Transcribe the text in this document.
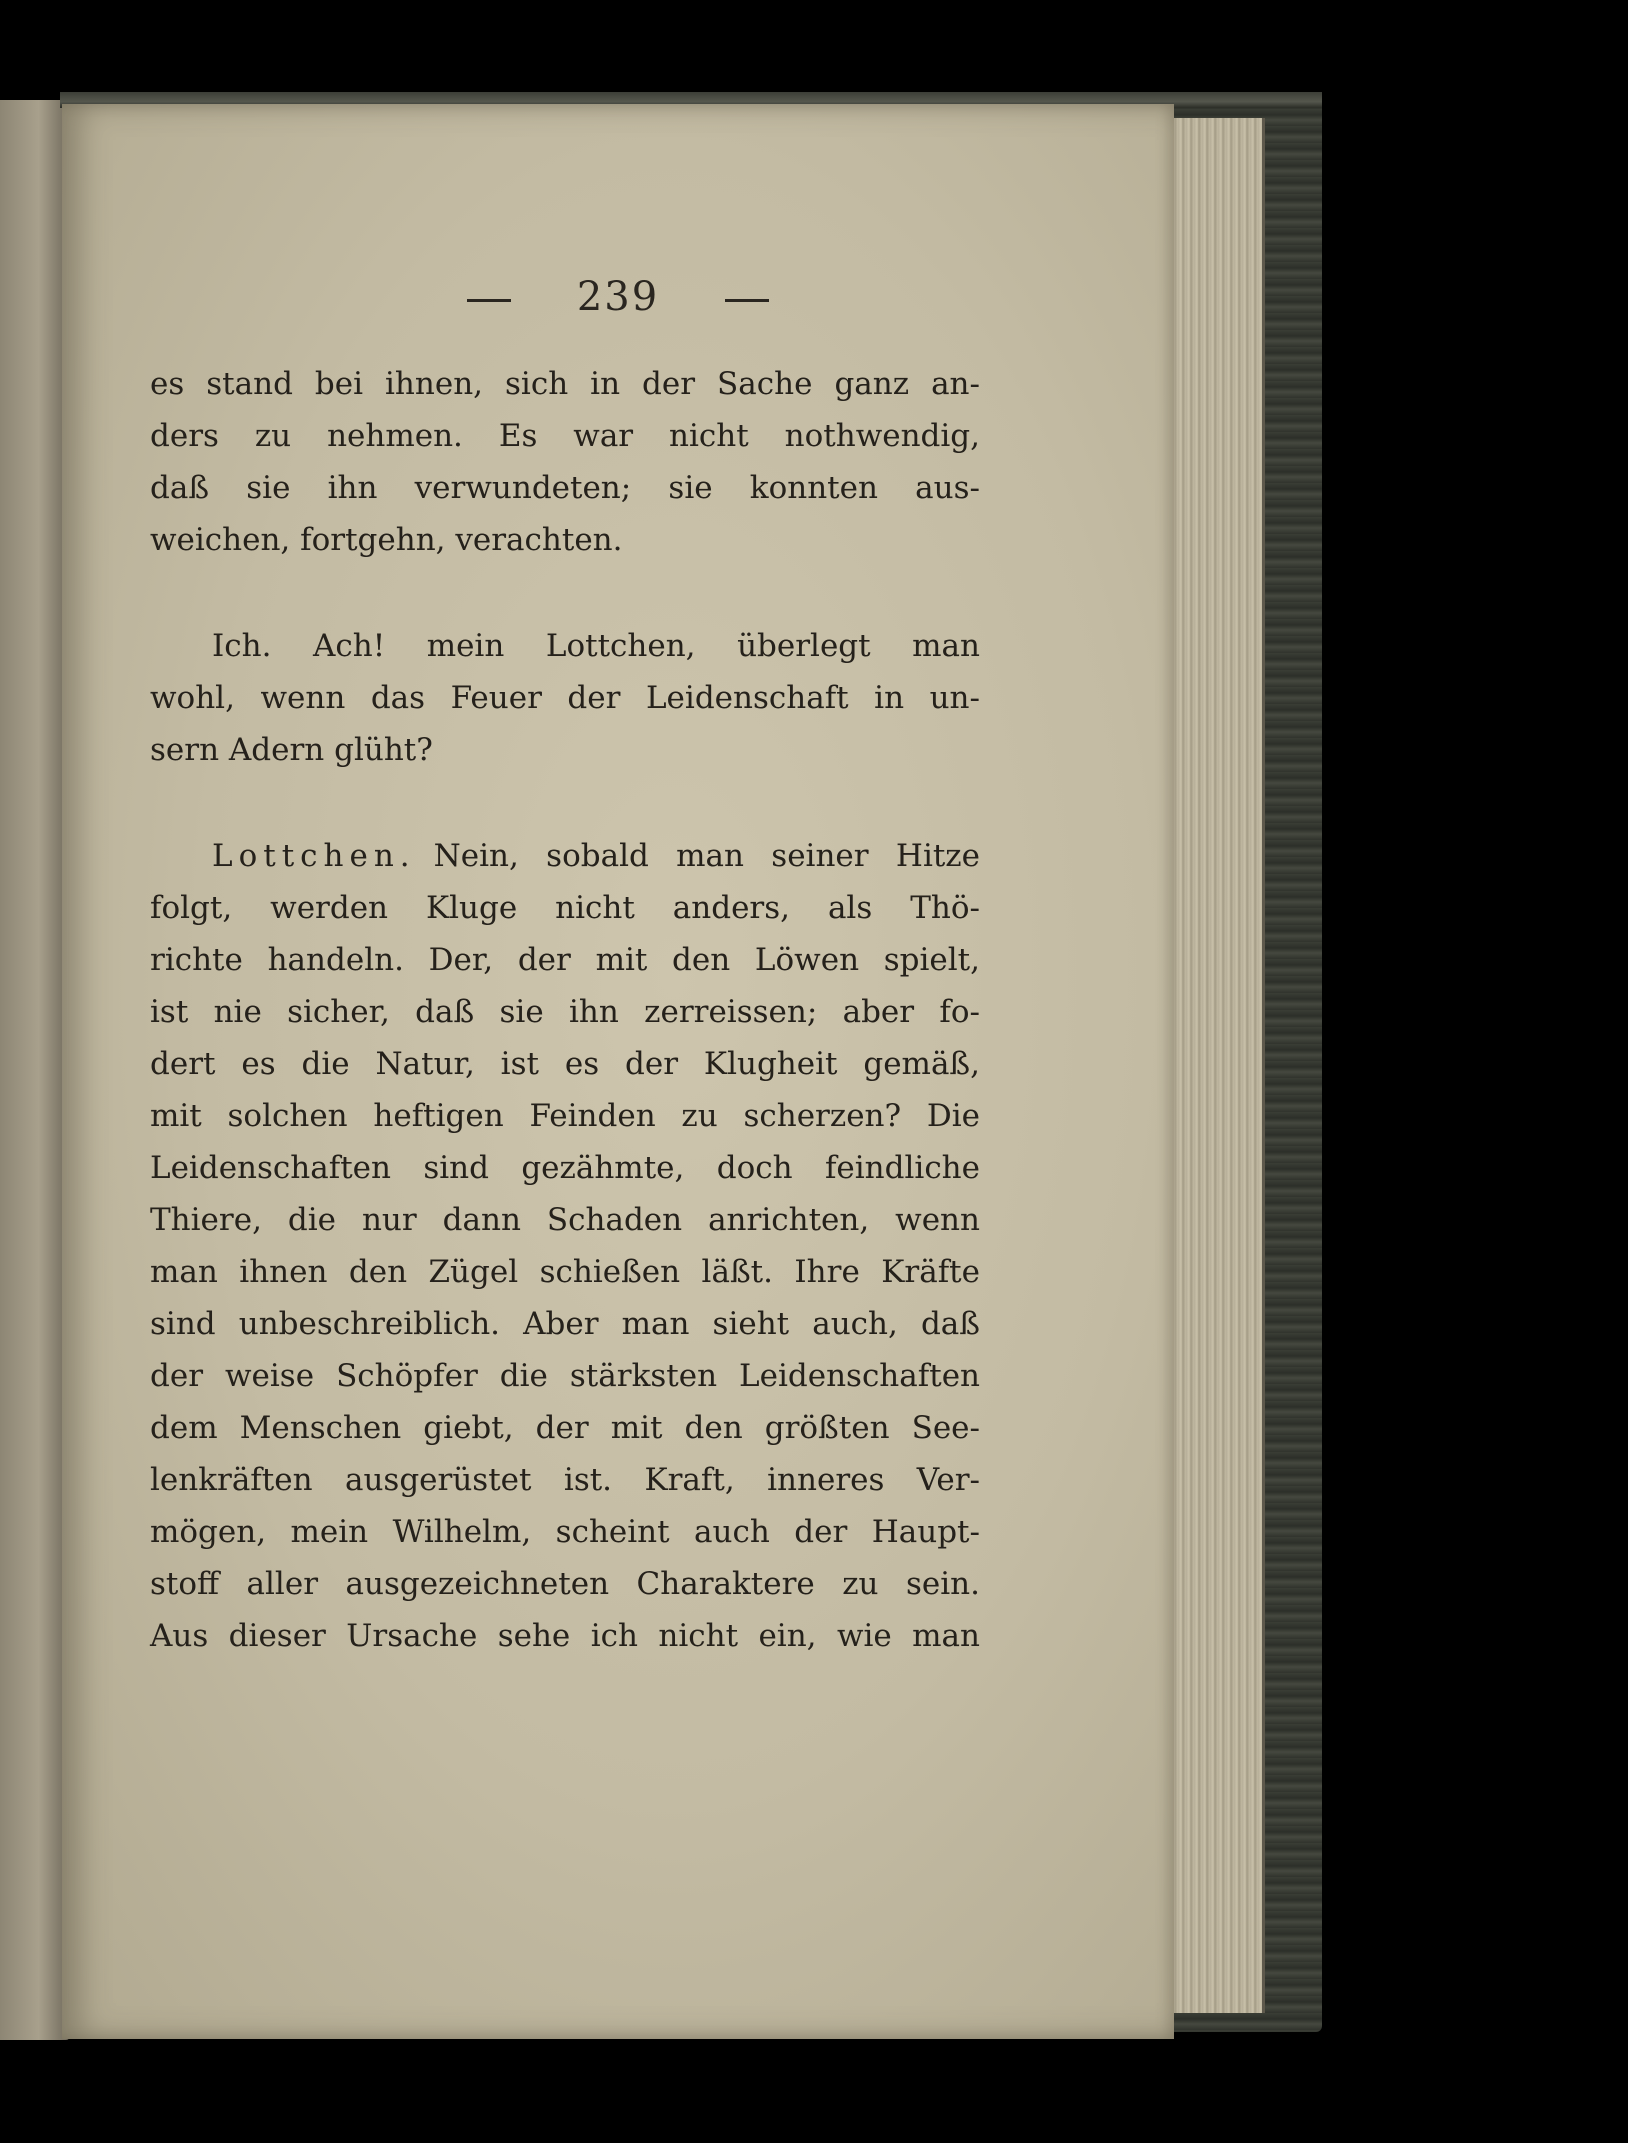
239
es stand bei ihnen, sich in der Sache ganz an-
ders zu nehmen. Es war nicht nothwendig,
daß sie ihn verwundeten; sie konnten aus-
weichen, fortgehn, verachten.
Ich. Ach! mein Lottchen, überlegt man
wohl, wenn das Feuer der Leidenschaft in un-
sern Adern glüht?
Lottchen. Nein, sobald man seiner Hitze
folgt, werden Kluge nicht anders, als Thö-
richte handeln. Der, der mit den Löwen spielt,
ist nie sicher, daß sie ihn zerreissen; aber fo-
dert es die Natur, ist es der Klugheit gemäß,
mit solchen heftigen Feinden zu scherzen? Die
Leidenschaften sind gezähmte, doch feindliche
Thiere, die nur dann Schaden anrichten, wenn
man ihnen den Zügel schießen läßt. Ihre Kräfte
sind unbeschreiblich. Aber man sieht auch, daß
der weise Schöpfer die stärksten Leidenschaften
dem Menschen giebt, der mit den größten See-
lenkräften ausgerüstet ist. Kraft, inneres Ver-
mögen, mein Wilhelm, scheint auch der Haupt-
stoff aller ausgezeichneten Charaktere zu sein.
Aus dieser Ursache sehe ich nicht ein, wie man
